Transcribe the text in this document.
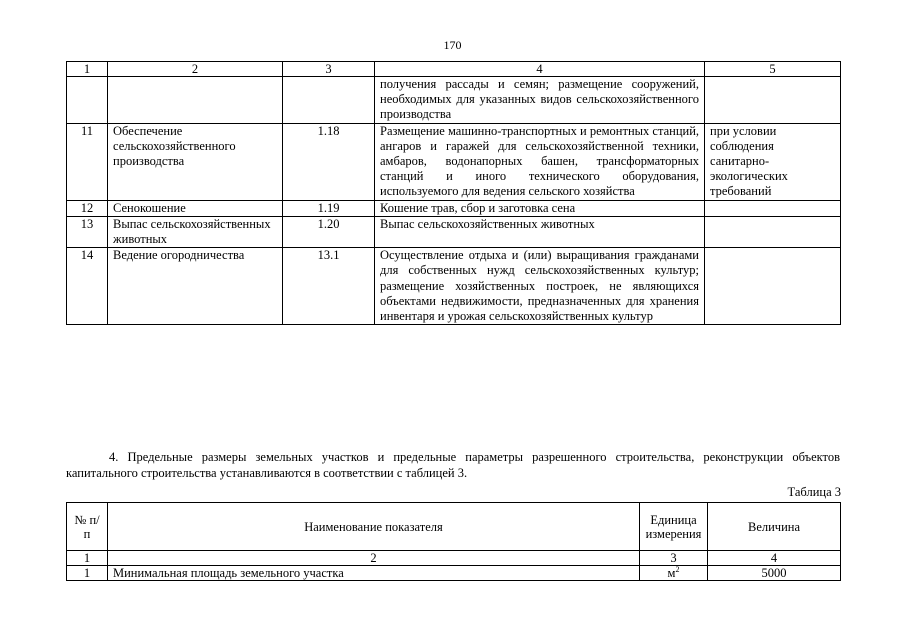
170
1	2	3	4	5
			получения рассады и семян; размещение сооружений, необходимых для указанных видов сельскохозяйственного производства	
11	Обеспечение сельскохозяйственного производства	1.18	Размещение машинно-транспортных и ремонтных станций, ангаров и гаражей для сельскохозяйственной техники, амбаров, водонапорных башен, трансформаторных станций и иного технического оборудования, используемого для ведения сельского хозяйства	при условии соблюдения санитарно-экологических требований
12	Сенокошение	1.19	Кошение трав, сбор и заготовка сена	
13	Выпас сельскохозяйственных животных	1.20	Выпас сельскохозяйственных животных	
14	Ведение огородничества	13.1	Осуществление отдыха и (или) выращивания гражданами для собственных нужд сельскохозяйственных культур; размещение хозяйственных построек, не являющихся объектами недвижимости, предназначенных для хранения инвентаря и урожая сельскохозяйственных культур	

4. Предельные размеры земельных участков и предельные параметры разрешенного строительства, реконструкции объектов капитального строительства устанавливаются в соответствии с таблицей 3.

Таблица 3

№ п/п	Наименование показателя	Единица измерения	Величина
1	2	3	4
1	Минимальная площадь земельного участка	$м^2$	5000
